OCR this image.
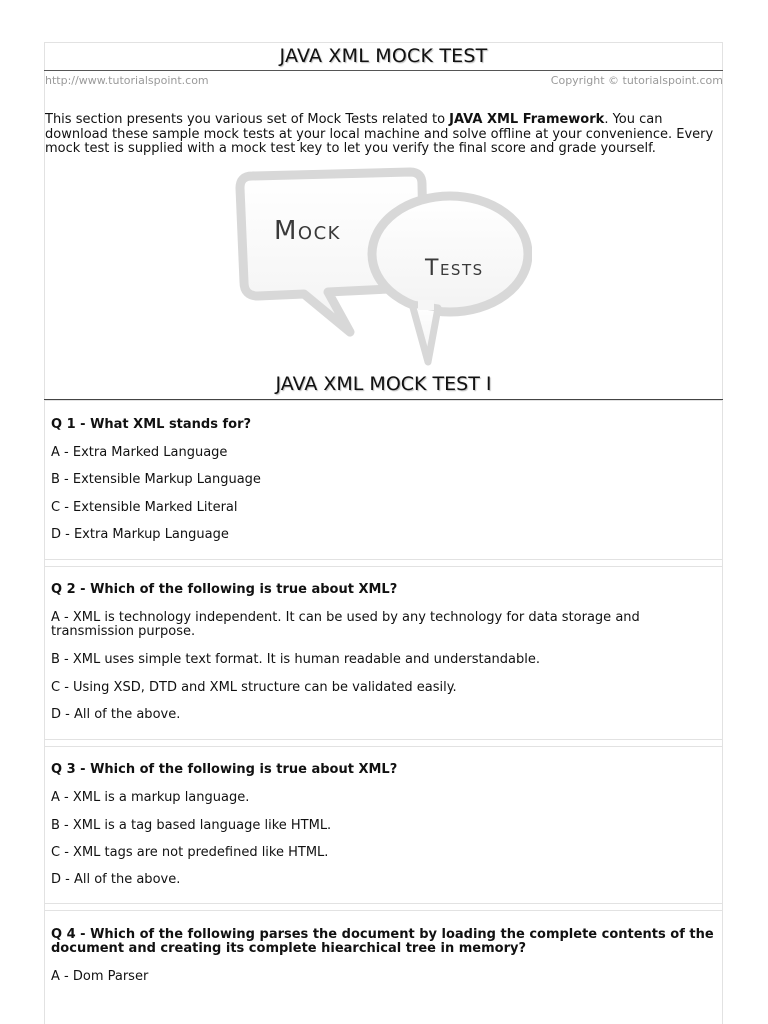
JAVA XML MOCK TEST
http://www.tutorialspoint.com	Copyright © tutorialspoint.com
This section presents you various set of Mock Tests related to JAVA XML Framework. You can download these sample mock tests at your local machine and solve offline at your convenience. Every mock test is supplied with a mock test key to let you verify the final score and grade yourself.
Mock
Tests
JAVA XML MOCK TEST I
Q 1 - What XML stands for?
A - Extra Marked Language
B - Extensible Markup Language
C - Extensible Marked Literal
D - Extra Markup Language
Q 2 - Which of the following is true about XML?
A - XML is technology independent. It can be used by any technology for data storage and transmission purpose.
B - XML uses simple text format. It is human readable and understandable.
C - Using XSD, DTD and XML structure can be validated easily.
D - All of the above.
Q 3 - Which of the following is true about XML?
A - XML is a markup language.
B - XML is a tag based language like HTML.
C - XML tags are not predefined like HTML.
D - All of the above.
Q 4 - Which of the following parses the document by loading the complete contents of the document and creating its complete hiearchical tree in memory?
A - Dom Parser
